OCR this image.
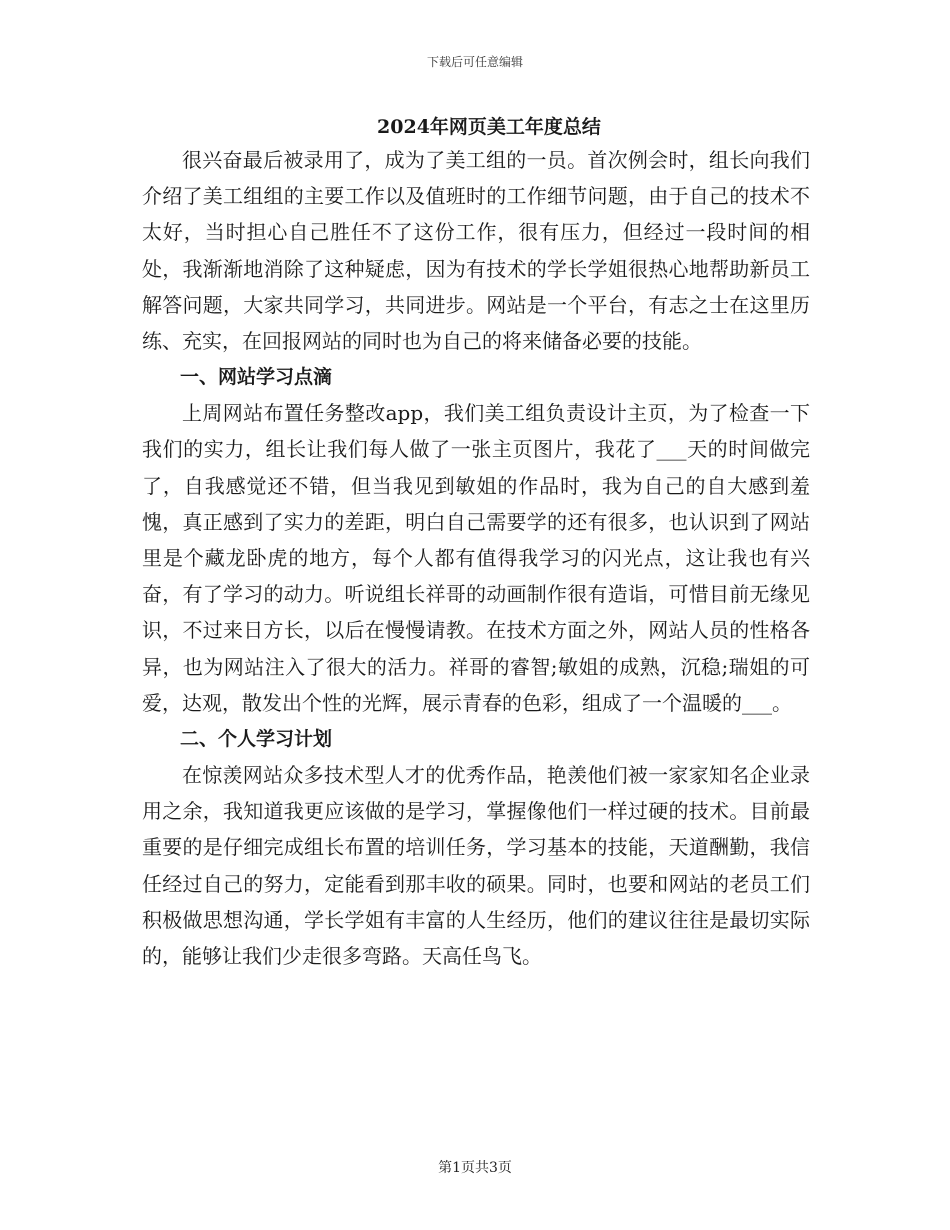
下载后可任意编辑
2024年网页美工年度总结

很兴奋最后被录用了，成为了美工组的一员。首次例会时，组长向我们介绍了美工组组的主要工作以及值班时的工作细节问题，由于自己的技术不太好，当时担心自己胜任不了这份工作，很有压力，但经过一段时间的相处，我渐渐地消除了这种疑虑，因为有技术的学长学姐很热心地帮助新员工解答问题，大家共同学习，共同进步。网站是一个平台，有志之士在这里历练、充实，在回报网站的同时也为自己的将来储备必要的技能。

一、网站学习点滴

上周网站布置任务整改app，我们美工组负责设计主页，为了检查一下我们的实力，组长让我们每人做了一张主页图片，我花了___天的时间做完了，自我感觉还不错，但当我见到敏姐的作品时，我为自己的自大感到羞愧，真正感到了实力的差距，明白自己需要学的还有很多，也认识到了网站里是个藏龙卧虎的地方，每个人都有值得我学习的闪光点，这让我也有兴奋，有了学习的动力。听说组长祥哥的动画制作很有造诣，可惜目前无缘见识，不过来日方长，以后在慢慢请教。在技术方面之外，网站人员的性格各异，也为网站注入了很大的活力。祥哥的睿智;敏姐的成熟，沉稳;瑞姐的可爱，达观，散发出个性的光辉，展示青春的色彩，组成了一个温暖的___。

二、个人学习计划

在惊羡网站众多技术型人才的优秀作品，艳羡他们被一家家知名企业录用之余，我知道我更应该做的是学习，掌握像他们一样过硬的技术。目前最重要的是仔细完成组长布置的培训任务，学习基本的技能，天道酬勤，我信任经过自己的努力，定能看到那丰收的硕果。同时，也要和网站的老员工们积极做思想沟通，学长学姐有丰富的人生经历，他们的建议往往是最切实际的，能够让我们少走很多弯路。天高任鸟飞。

第1页共3页
